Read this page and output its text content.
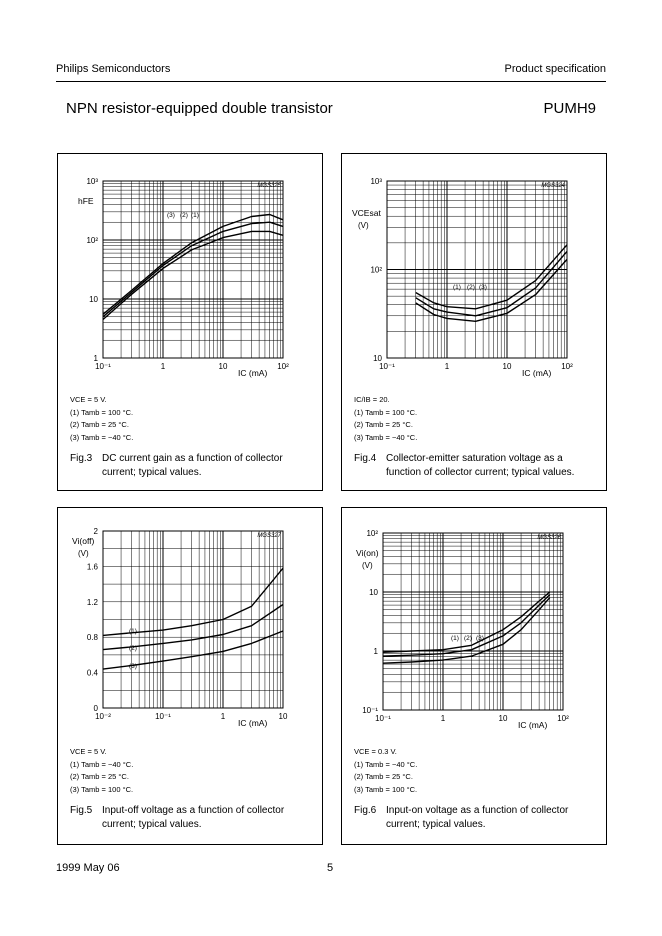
Philips Semiconductors	Product specification
NPN resistor-equipped double transistor	PUMH9
1
10
10²
10³
10⁻¹	1	10	10²
hFE
IC (mA)
MGS325
(3) (2) (1)
VCE = 5 V.
(1) Tamb = 100 °C.
(2) Tamb = 25 °C.
(3) Tamb = −40 °C.
Fig.3 DC current gain as a function of collector current; typical values.
10
10²
10³
10⁻¹	1	10	10²
VCEsat
(V)
IC (mA)
MGS324
(1) (2) (3)
IC/IB = 20.
(1) Tamb = 100 °C.
(2) Tamb = 25 °C.
(3) Tamb = −40 °C.
Fig.4 Collector-emitter saturation voltage as a function of collector current; typical values.
0
0.4
0.8
1.2
1.6
2
10⁻²	10⁻¹	1	10
Vi(off)
(V)
IC (mA)
MGS327
(1)
(2)
(3)
VCE = 5 V.
(1) Tamb = −40 °C.
(2) Tamb = 25 °C.
(3) Tamb = 100 °C.
Fig.5 Input-off voltage as a function of collector current; typical values.
10⁻¹
1
10
10²
10⁻¹	1	10	10²
Vi(on)
(V)
IC (mA)
MGS326
(1) (2) (3)
VCE = 0.3 V.
(1) Tamb = −40 °C.
(2) Tamb = 25 °C.
(3) Tamb = 100 °C.
Fig.6 Input-on voltage as a function of collector current; typical values.
1999 May 06	5
